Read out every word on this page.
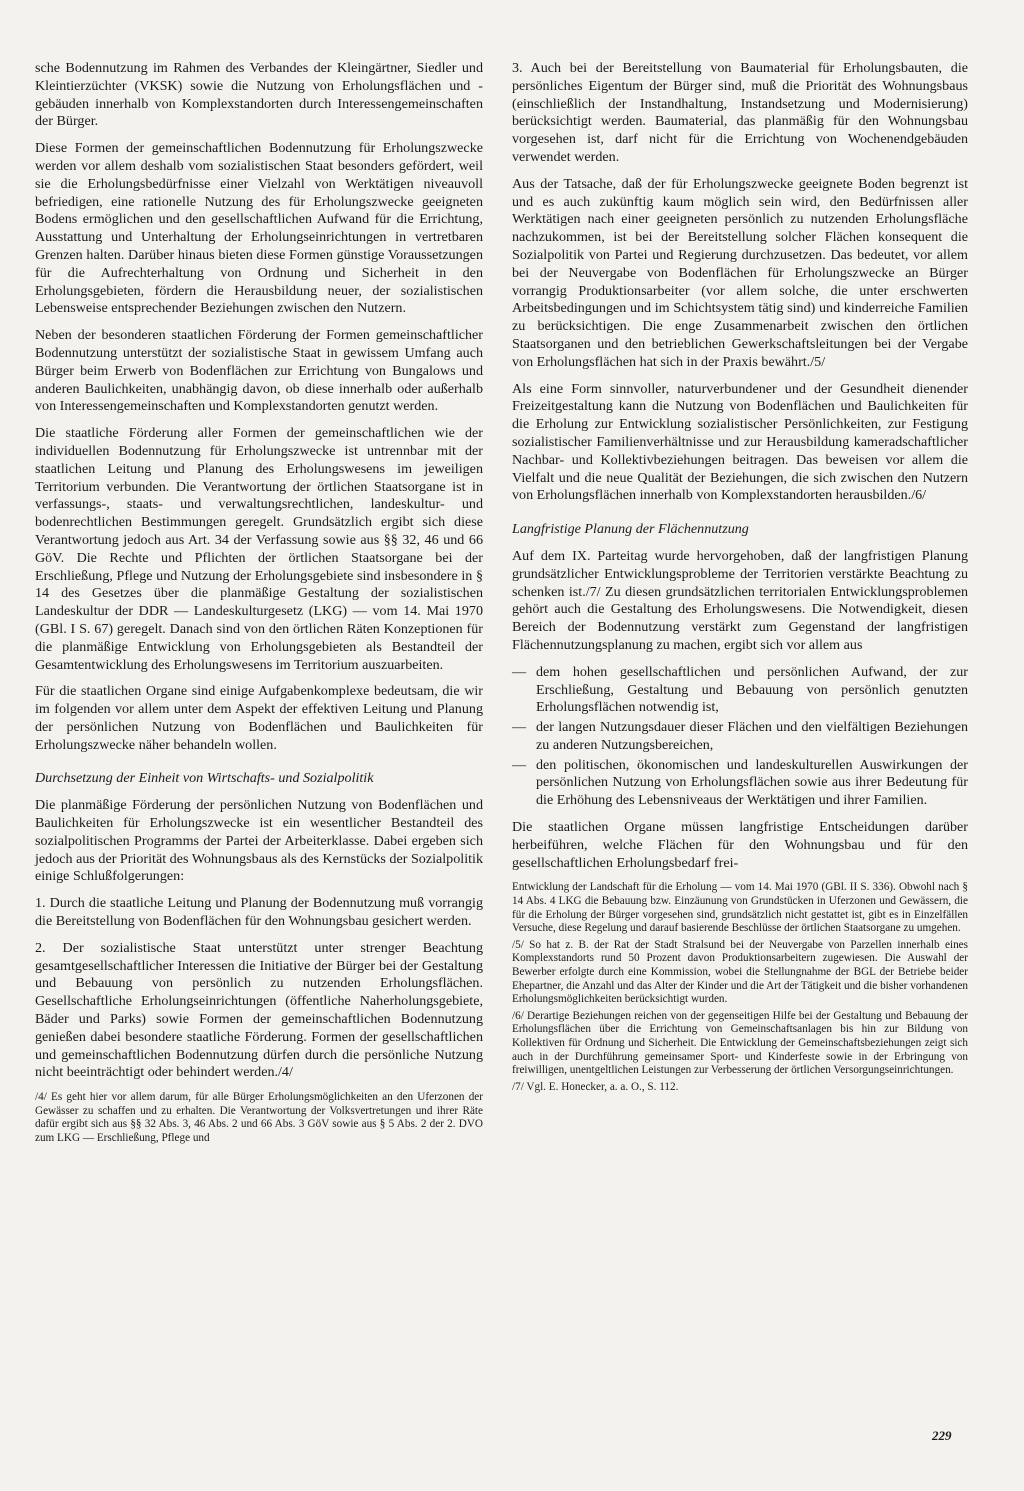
sche Bodennutzung im Rahmen des Verbandes der Kleingärtner, Siedler und Kleintierzüchter (VKSK) sowie die Nutzung von Erholungsflächen und -gebäuden innerhalb von Komplexstandorten durch Interessengemeinschaften der Bürger.

Diese Formen der gemeinschaftlichen Bodennutzung für Erholungszwecke werden vor allem deshalb vom sozialistischen Staat besonders gefördert, weil sie die Erholungsbedürfnisse einer Vielzahl von Werktätigen niveauvoll befriedigen, eine rationelle Nutzung des für Erholungszwecke geeigneten Bodens ermöglichen und den gesellschaftlichen Aufwand für die Errichtung, Ausstattung und Unterhaltung der Erholungseinrichtungen in vertretbaren Grenzen halten. Darüber hinaus bieten diese Formen günstige Voraussetzungen für die Aufrechterhaltung von Ordnung und Sicherheit in den Erholungsgebieten, fördern die Herausbildung neuer, der sozialistischen Lebensweise entsprechender Beziehungen zwischen den Nutzern.

Neben der besonderen staatlichen Förderung der Formen gemeinschaftlicher Bodennutzung unterstützt der sozialistische Staat in gewissem Umfang auch Bürger beim Erwerb von Bodenflächen zur Errichtung von Bungalows und anderen Baulichkeiten, unabhängig davon, ob diese innerhalb oder außerhalb von Interessengemeinschaften und Komplexstandorten genutzt werden.

Die staatliche Förderung aller Formen der gemeinschaftlichen wie der individuellen Bodennutzung für Erholungszwecke ist untrennbar mit der staatlichen Leitung und Planung des Erholungswesens im jeweiligen Territorium verbunden. Die Verantwortung der örtlichen Staatsorgane ist in verfassungs-, staats- und verwaltungsrechtlichen, landeskultur- und bodenrechtlichen Bestimmungen geregelt. Grundsätzlich ergibt sich diese Verantwortung jedoch aus Art. 34 der Verfassung sowie aus §§ 32, 46 und 66 GöV. Die Rechte und Pflichten der örtlichen Staatsorgane bei der Erschließung, Pflege und Nutzung der Erholungsgebiete sind insbesondere in § 14 des Gesetzes über die planmäßige Gestaltung der sozialistischen Landeskultur der DDR — Landeskulturgesetz (LKG) — vom 14. Mai 1970 (GBl. I S. 67) geregelt. Danach sind von den örtlichen Räten Konzeptionen für die planmäßige Entwicklung von Erholungsgebieten als Bestandteil der Gesamtentwicklung des Erholungswesens im Territorium auszuarbeiten.

Für die staatlichen Organe sind einige Aufgabenkomplexe bedeutsam, die wir im folgenden vor allem unter dem Aspekt der effektiven Leitung und Planung der persönlichen Nutzung von Bodenflächen und Baulichkeiten für Erholungszwecke näher behandeln wollen.

Durchsetzung der Einheit von Wirtschafts- und Sozialpolitik

Die planmäßige Förderung der persönlichen Nutzung von Bodenflächen und Baulichkeiten für Erholungszwecke ist ein wesentlicher Bestandteil des sozialpolitischen Programms der Partei der Arbeiterklasse. Dabei ergeben sich jedoch aus der Priorität des Wohnungsbaus als des Kernstücks der Sozialpolitik einige Schlußfolgerungen:

1. Durch die staatliche Leitung und Planung der Bodennutzung muß vorrangig die Bereitstellung von Bodenflächen für den Wohnungsbau gesichert werden.

2. Der sozialistische Staat unterstützt unter strenger Beachtung gesamtgesellschaftlicher Interessen die Initiative der Bürger bei der Gestaltung und Bebauung von persönlich zu nutzenden Erholungsflächen. Gesellschaftliche Erholungseinrichtungen (öffentliche Naherholungsgebiete, Bäder und Parks) sowie Formen der gemeinschaftlichen Bodennutzung genießen dabei besondere staatliche Förderung. Formen der gesellschaftlichen und gemeinschaftlichen Bodennutzung dürfen durch die persönliche Nutzung nicht beeinträchtigt oder behindert werden./4/

/4/ Es geht hier vor allem darum, für alle Bürger Erholungsmöglichkeiten an den Uferzonen der Gewässer zu schaffen und zu erhalten. Die Verantwortung der Volksvertretungen und ihrer Räte dafür ergibt sich aus §§ 32 Abs. 3, 46 Abs. 2 und 66 Abs. 3 GöV sowie aus § 5 Abs. 2 der 2. DVO zum LKG — Erschließung, Pflege und

3. Auch bei der Bereitstellung von Baumaterial für Erholungsbauten, die persönliches Eigentum der Bürger sind, muß die Priorität des Wohnungsbaus (einschließlich der Instandhaltung, Instandsetzung und Modernisierung) berücksichtigt werden. Baumaterial, das planmäßig für den Wohnungsbau vorgesehen ist, darf nicht für die Errichtung von Wochenendgebäuden verwendet werden.

Aus der Tatsache, daß der für Erholungszwecke geeignete Boden begrenzt ist und es auch zukünftig kaum möglich sein wird, den Bedürfnissen aller Werktätigen nach einer geeigneten persönlich zu nutzenden Erholungsfläche nachzukommen, ist bei der Bereitstellung solcher Flächen konsequent die Sozialpolitik von Partei und Regierung durchzusetzen. Das bedeutet, vor allem bei der Neuvergabe von Bodenflächen für Erholungszwecke an Bürger vorrangig Produktionsarbeiter (vor allem solche, die unter erschwerten Arbeitsbedingungen und im Schichtsystem tätig sind) und kinderreiche Familien zu berücksichtigen. Die enge Zusammenarbeit zwischen den örtlichen Staatsorganen und den betrieblichen Gewerkschaftsleitungen bei der Vergabe von Erholungsflächen hat sich in der Praxis bewährt./5/

Als eine Form sinnvoller, naturverbundener und der Gesundheit dienender Freizeitgestaltung kann die Nutzung von Bodenflächen und Baulichkeiten für die Erholung zur Entwicklung sozialistischer Persönlichkeiten, zur Festigung sozialistischer Familienverhältnisse und zur Herausbildung kameradschaftlicher Nachbar- und Kollektivbeziehungen beitragen. Das beweisen vor allem die Vielfalt und die neue Qualität der Beziehungen, die sich zwischen den Nutzern von Erholungsflächen innerhalb von Komplexstandorten herausbilden./6/

Langfristige Planung der Flächennutzung

Auf dem IX. Parteitag wurde hervorgehoben, daß der langfristigen Planung grundsätzlicher Entwicklungsprobleme der Territorien verstärkte Beachtung zu schenken ist./7/ Zu diesen grundsätzlichen territorialen Entwicklungsproblemen gehört auch die Gestaltung des Erholungswesens. Die Notwendigkeit, diesen Bereich der Bodennutzung verstärkt zum Gegenstand der langfristigen Flächennutzungsplanung zu machen, ergibt sich vor allem aus

— dem hohen gesellschaftlichen und persönlichen Aufwand, der zur Erschließung, Gestaltung und Bebauung von persönlich genutzten Erholungsflächen notwendig ist,
— der langen Nutzungsdauer dieser Flächen und den vielfältigen Beziehungen zu anderen Nutzungsbereichen,
— den politischen, ökonomischen und landeskulturellen Auswirkungen der persönlichen Nutzung von Erholungsflächen sowie aus ihrer Bedeutung für die Erhöhung des Lebensniveaus der Werktätigen und ihrer Familien.

Die staatlichen Organe müssen langfristige Entscheidungen darüber herbeiführen, welche Flächen für den Wohnungsbau und für den gesellschaftlichen Erholungsbedarf frei-

Entwicklung der Landschaft für die Erholung — vom 14. Mai 1970 (GBl. II S. 336). Obwohl nach § 14 Abs. 4 LKG die Bebauung bzw. Einzäunung von Grundstücken in Uferzonen und Gewässern, die für die Erholung der Bürger vorgesehen sind, grundsätzlich nicht gestattet ist, gibt es in Einzelfällen Versuche, diese Regelung und darauf basierende Beschlüsse der örtlichen Staatsorgane zu umgehen.

/5/ So hat z. B. der Rat der Stadt Stralsund bei der Neuvergabe von Parzellen innerhalb eines Komplexstandorts rund 50 Prozent davon Produktionsarbeitern zugewiesen. Die Auswahl der Bewerber erfolgte durch eine Kommission, wobei die Stellungnahme der BGL der Betriebe beider Ehepartner, die Anzahl und das Alter der Kinder und die Art der Tätigkeit und die bisher vorhandenen Erholungsmöglichkeiten berücksichtigt wurden.

/6/ Derartige Beziehungen reichen von der gegenseitigen Hilfe bei der Gestaltung und Bebauung der Erholungsflächen über die Errichtung von Gemeinschaftsanlagen bis hin zur Bildung von Kollektiven für Ordnung und Sicherheit. Die Entwicklung der Gemeinschaftsbeziehungen zeigt sich auch in der Durchführung gemeinsamer Sport- und Kinderfeste sowie in der Erbringung von freiwilligen, unentgeltlichen Leistungen zur Verbesserung der örtlichen Versorgungseinrichtungen.

/7/ Vgl. E. Honecker, a. a. O., S. 112.

229
